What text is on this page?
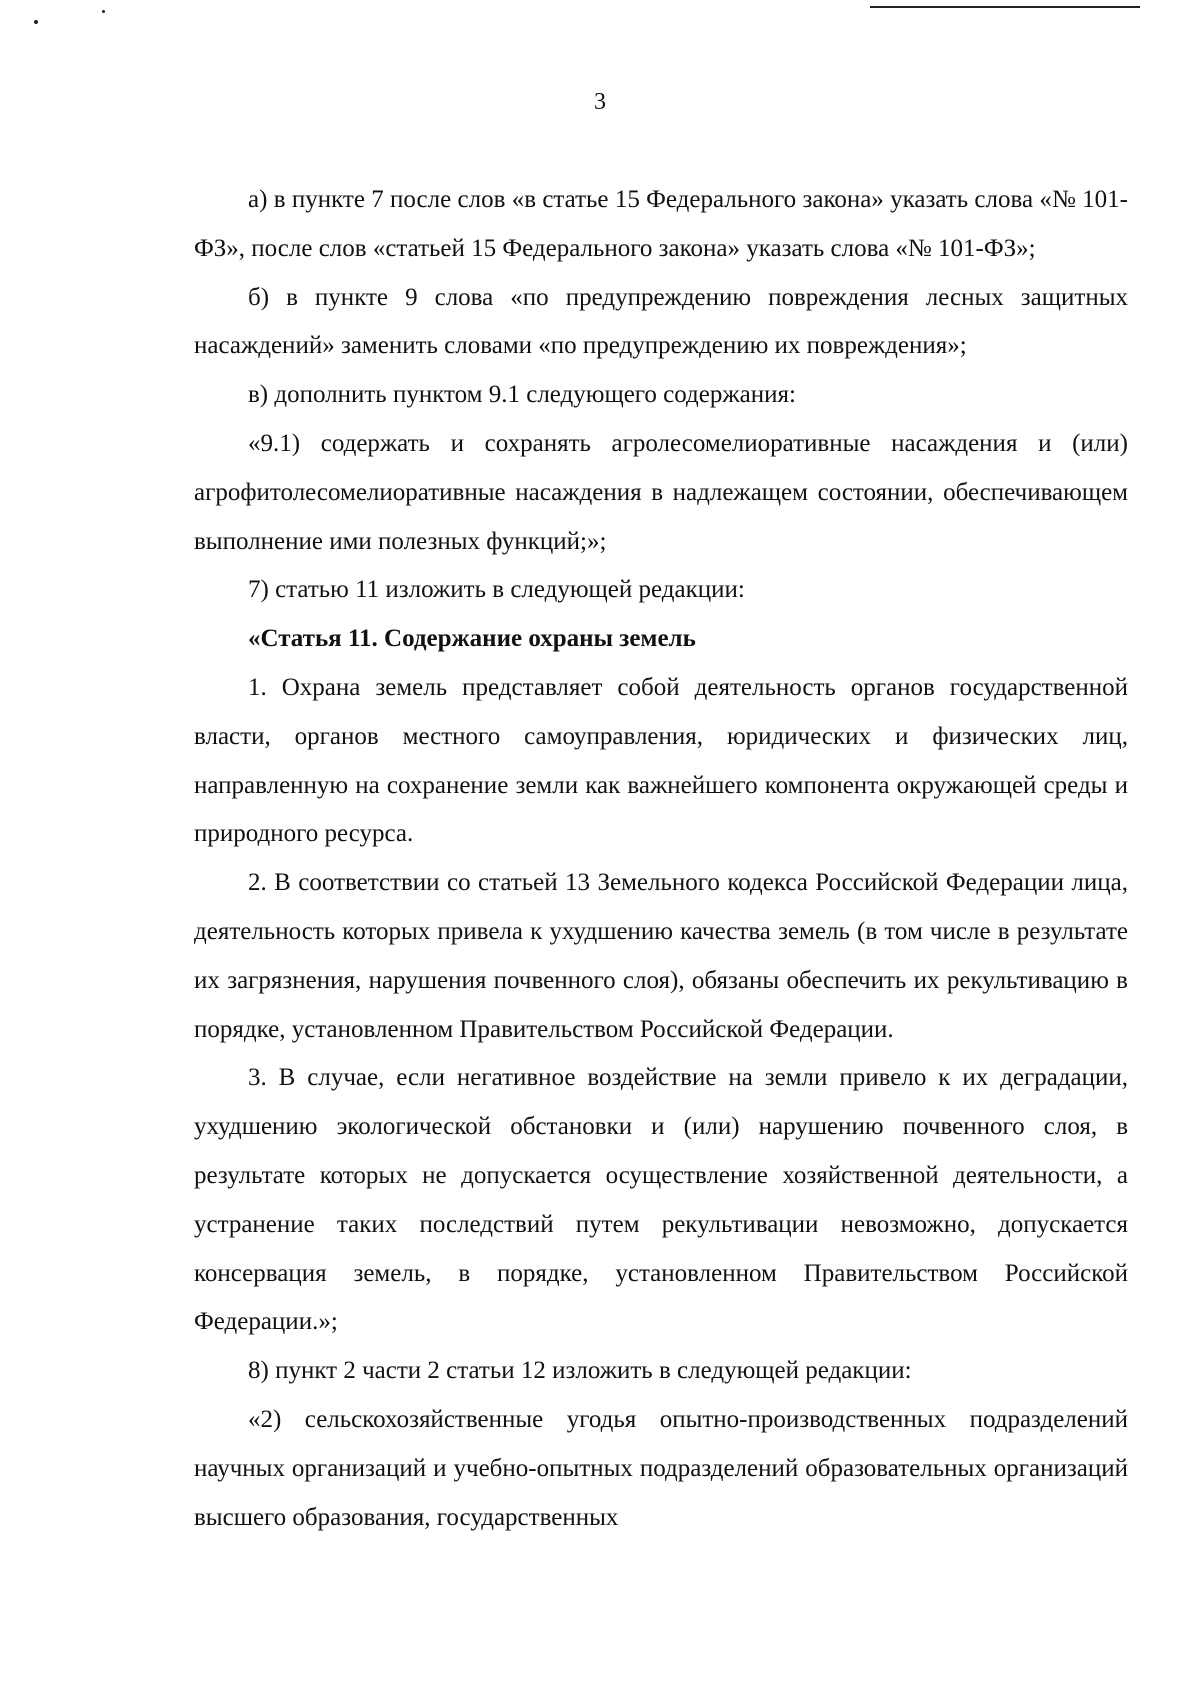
3

а) в пункте 7 после слов «в статье 15 Федерального закона» указать слова «№ 101-ФЗ», после слов «статьей 15 Федерального закона» указать слова «№ 101-ФЗ»;

б) в пункте 9 слова «по предупреждению повреждения лесных защитных насаждений» заменить словами «по предупреждению их повреждения»;

в) дополнить пунктом 9.1 следующего содержания:

«9.1) содержать и сохранять агролесомелиоративные насаждения и (или) агрофитолесомелиоративные насаждения в надлежащем состоянии, обеспечивающем выполнение ими полезных функций;»;

7) статью 11 изложить в следующей редакции:

«Статья 11. Содержание охраны земель

1. Охрана земель представляет собой деятельность органов государственной власти, органов местного самоуправления, юридических и физических лиц, направленную на сохранение земли как важнейшего компонента окружающей среды и природного ресурса.

2. В соответствии со статьей 13 Земельного кодекса Российской Федерации лица, деятельность которых привела к ухудшению качества земель (в том числе в результате их загрязнения, нарушения почвенного слоя), обязаны обеспечить их рекультивацию в порядке, установленном Правительством Российской Федерации.

3. В случае, если негативное воздействие на земли привело к их деградации, ухудшению экологической обстановки и (или) нарушению почвенного слоя, в результате которых не допускается осуществление хозяйственной деятельности, а устранение таких последствий путем рекультивации невозможно, допускается консервация земель, в порядке, установленном Правительством Российской Федерации.»;

8) пункт 2 части 2 статьи 12 изложить в следующей редакции:

«2) сельскохозяйственные угодья опытно-производственных подразделений научных организаций и учебно-опытных подразделений образовательных организаций высшего образования, государственных
